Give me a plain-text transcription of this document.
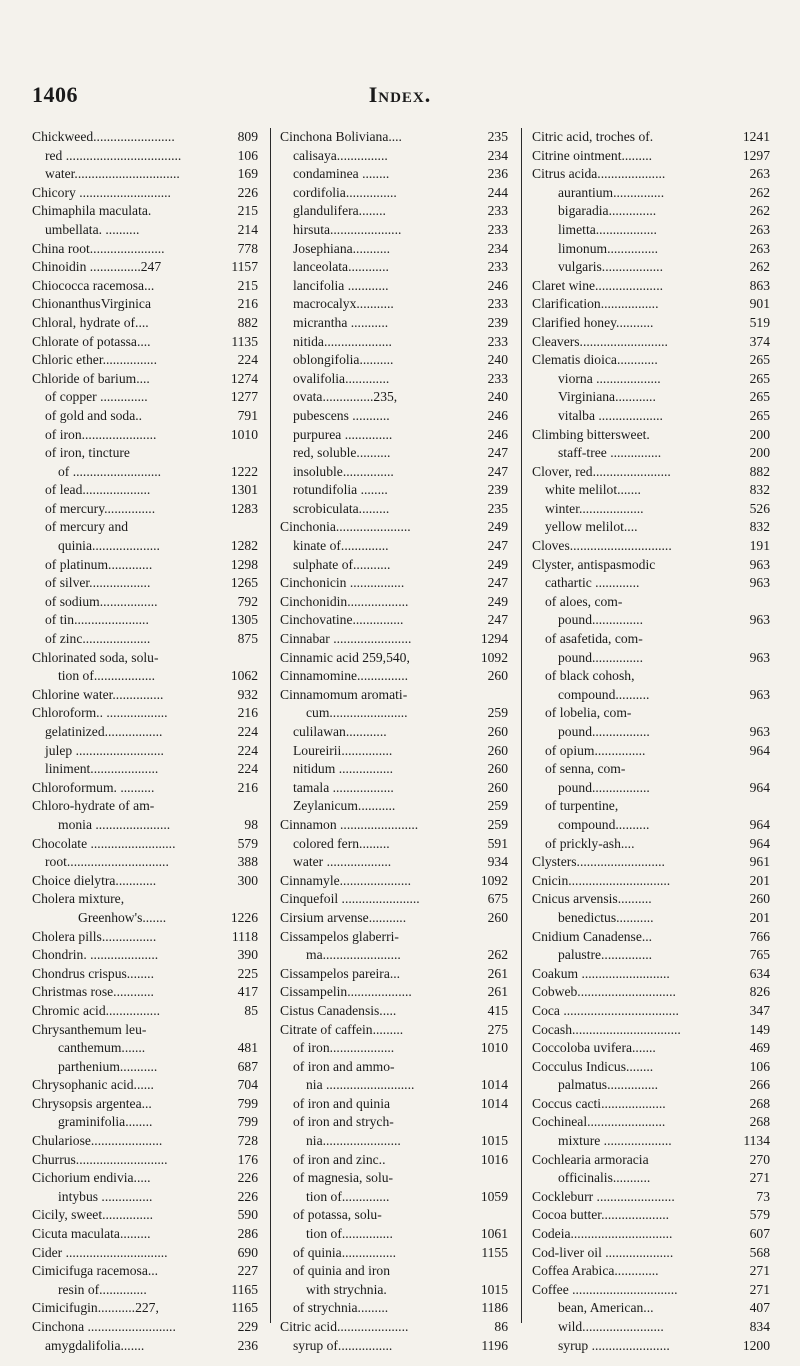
1406	Index.
Chickweed........................	809
red ..................................	106
water...............................	169
Chicory ...........................	226
Chimaphila maculata.	215
umbellata. ..........	214
China root......................	778
Chinoidin ...............247	1157
Chiococca racemosa...	215
ChionanthusVirginica	216
Chloral, hydrate of....	882
Chlorate of potassa....	1135
Chloric ether................	224
Chloride of barium....	1274
of copper ..............	1277
of gold and soda..	791
of iron......................	1010
of iron, tincture
of ..........................	1222
of lead....................	1301
of mercury...............	1283
of mercury and
quinia....................	1282
of platinum.............	1298
of silver..................	1265
of sodium.................	792
of tin......................	1305
of zinc....................	875
Chlorinated soda, solu-
tion of..................	1062
Chlorine water...............	932
Chloroform.. ..................	216
gelatinized.................	224
julep ..........................	224
liniment....................	224
Chloroformum. ..........	216
Chloro-hydrate of am-
monia ......................	98
Chocolate .........................	579
root..............................	388
Choice dielytra............	300
Cholera mixture,
Greenhow's.......	1226
Cholera pills................	1118
Chondrin. ....................	390
Chondrus crispus........	225
Christmas rose............	417
Chromic acid................	85
Chrysanthemum leu-
canthemum.......	481
parthenium...........	687
Chrysophanic acid......	704
Chrysopsis argentea...	799
graminifolia........	799
Chulariose.....................	728
Churrus...........................	176
Cichorium endivia.....	226
intybus ...............	226
Cicily, sweet...............	590
Cicuta maculata.........	286
Cider ..............................	690
Cimicifuga racemosa...	227
resin of..............	1165
Cimicifugin...........227,	1165
Cinchona ..........................	229
amygdalifolia.......	236
Cinchona Boliviana....	235
calisaya...............	234
condaminea ........	236
cordifolia...............	244
glandulifera........	233
hirsuta.....................	233
Josephiana...........	234
lanceolata............	233
lancifolia ............	246
macrocalyx...........	233
micrantha ...........	239
nitida....................	233
oblongifolia..........	240
ovalifolia.............	233
ovata...............235,	240
pubescens ...........	246
purpurea ..............	246
red, soluble..........	247
insoluble...............	247
rotundifolia ........	239
scrobiculata.........	235
Cinchonia......................	249
kinate of..............	247
sulphate of...........	249
Cinchonicin ................	247
Cinchonidin..................	249
Cinchovatine...............	247
Cinnabar .......................	1294
Cinnamic acid 259,540,	1092
Cinnamomine...............	260
Cinnamomum aromati-
cum.......................	259
culilawan............	260
Loureirii...............	260
nitidum ................	260
tamala ..................	260
Zeylanicum...........	259
Cinnamon .......................	259
colored fern.........	591
water ...................	934
Cinnamyle.....................	1092
Cinquefoil .......................	675
Cirsium arvense...........	260
Cissampelos glaberri-
ma.......................	262
Cissampelos pareira...	261
Cissampelin...................	261
Cistus Canadensis.....	415
Citrate of caffein.........	275
of iron...................	1010
of iron and ammo-
nia ..........................	1014
of iron and quinia	1014
of iron and strych-
nia.......................	1015
of iron and zinc..	1016
of magnesia, solu-
tion of..............	1059
of potassa, solu-
tion of...............	1061
of quinia................	1155
of quinia and iron
with strychnia.	1015
of strychnia.........	1186
Citric acid.....................	86
syrup of................	1196
Citric acid, troches of.	1241
Citrine ointment.........	1297
Citrus acida....................	263
aurantium...............	262
bigaradia..............	262
limetta..................	263
limonum...............	263
vulgaris..................	262
Claret wine....................	863
Clarification.................	901
Clarified honey...........	519
Cleavers..........................	374
Clematis dioica............	265
viorna ...................	265
Virginiana............	265
vitalba ...................	265
Climbing bittersweet.	200
staff-tree ...............	200
Clover, red.......................	882
white melilot.......	832
winter...................	526
yellow melilot....	832
Cloves..............................	191
Clyster, antispasmodic	963
cathartic .............	963
of aloes, com-
pound...............	963
of asafetida, com-
pound...............	963
of black cohosh,
compound..........	963
of lobelia, com-
pound.................	963
of opium...............	964
of senna, com-
pound.................	964
of turpentine,
compound..........	964
of prickly-ash....	964
Clysters..........................	961
Cnicin..............................	201
Cnicus arvensis..........	260
benedictus...........	201
Cnidium Canadense...	766
palustre...............	765
Coakum ..........................	634
Cobweb.............................	826
Coca ..................................	347
Cocash................................	149
Coccoloba uvifera.......	469
Cocculus Indicus........	106
palmatus...............	266
Coccus cacti...................	268
Cochineal.......................	268
mixture ....................	1134
Cochlearia armoracia	270
officinalis...........	271
Cockleburr .......................	73
Cocoa butter....................	579
Codeia..............................	607
Cod-liver oil ....................	568
Coffea Arabica.............	271
Coffee ...............................	271
bean, American...	407
wild........................	834
syrup .......................	1200
